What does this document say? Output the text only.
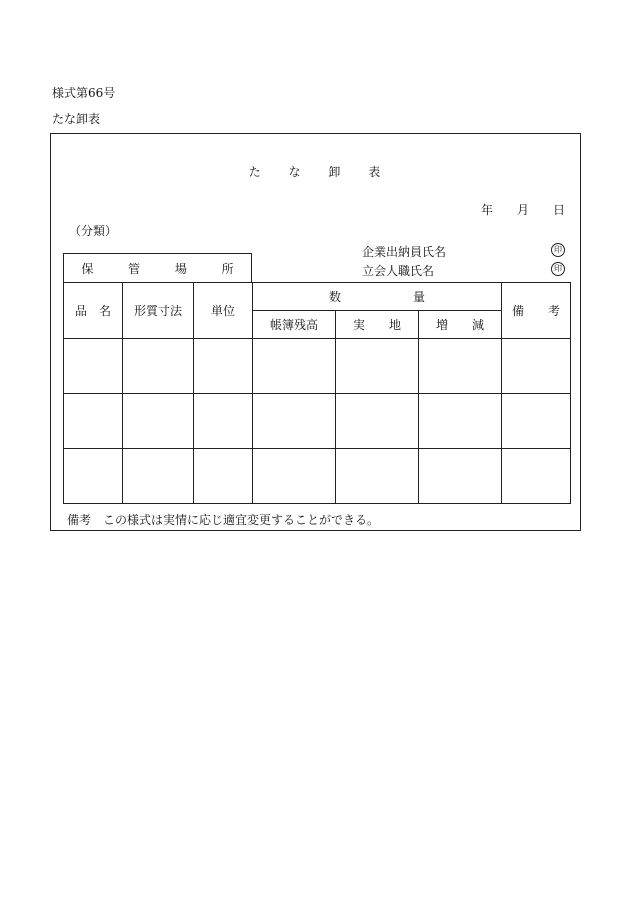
様式第66号
たな卸表
た な 卸 表
年 月 日
（分類）
企業出納員氏名	印
立会人職氏名	印
保	管	場	所
品　名	形質寸法	単位	数　　　　　　量			備　　考
			帳簿残高	実　　地	増　　減	

備考　この様式は実情に応じ適宜変更することができる。
